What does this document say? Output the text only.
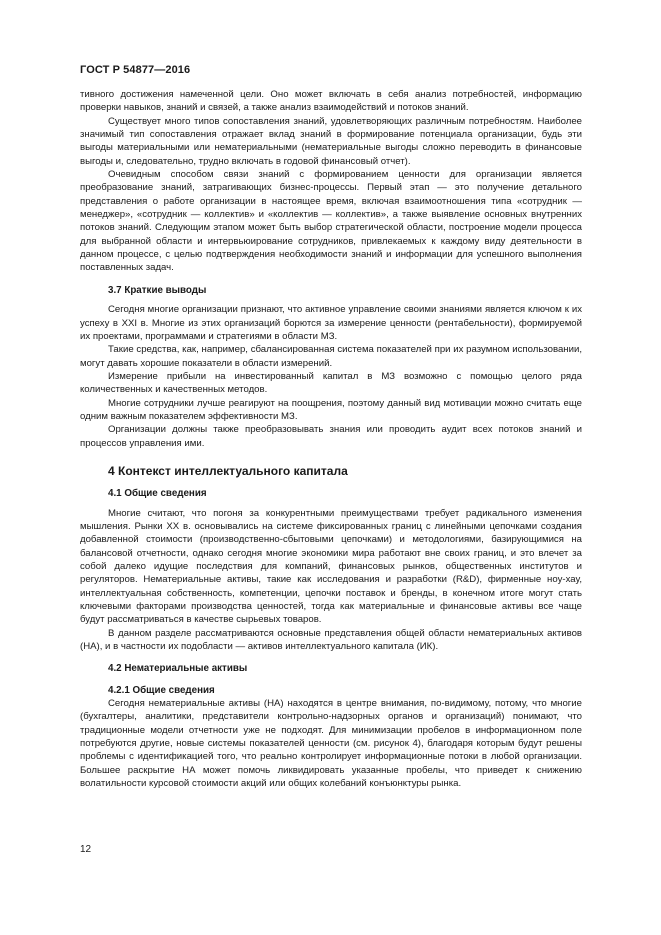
ГОСТ Р 54877—2016

тивного достижения намеченной цели. Оно может включать в себя анализ потребностей, информацию проверки навыков, знаний и связей, а также анализ взаимодействий и потоков знаний.

Существует много типов сопоставления знаний, удовлетворяющих различным потребностям. Наиболее значимый тип сопоставления отражает вклад знаний в формирование потенциала организации, будь эти выгоды материальными или нематериальными (нематериальные выгоды сложно переводить в финансовые выгоды и, следовательно, трудно включать в годовой финансовый отчет).

Очевидным способом связи знаний с формированием ценности для организации является преобразование знаний, затрагивающих бизнес-процессы. Первый этап — это получение детального представления о работе организации в настоящее время, включая взаимоотношения типа «сотрудник — менеджер», «сотрудник — коллектив» и «коллектив — коллектив», а также выявление основных внутренних потоков знаний. Следующим этапом может быть выбор стратегической области, построение модели процесса для выбранной области и интервьюирование сотрудников, привлекаемых к каждому виду деятельности в данном процессе, с целью подтверждения необходимости знаний и информации для успешного выполнения поставленных задач.

3.7 Краткие выводы

Сегодня многие организации признают, что активное управление своими знаниями является ключом к их успеху в XXI в. Многие из этих организаций борются за измерение ценности (рентабельности), формируемой их проектами, программами и стратегиями в области МЗ.

Такие средства, как, например, сбалансированная система показателей при их разумном использовании, могут давать хорошие показатели в области измерений.

Измерение прибыли на инвестированный капитал в МЗ возможно с помощью целого ряда количественных и качественных методов.

Многие сотрудники лучше реагируют на поощрения, поэтому данный вид мотивации можно считать еще одним важным показателем эффективности МЗ.

Организации должны также преобразовывать знания или проводить аудит всех потоков знаний и процессов управления ими.

4 Контекст интеллектуального капитала
4.1 Общие сведения

Многие считают, что погоня за конкурентными преимуществами требует радикального изменения мышления. Рынки XX в. основывались на системе фиксированных границ с линейными цепочками создания добавленной стоимости (производственно-сбытовыми цепочками) и методологиями, базирующимися на балансовой отчетности, однако сегодня многие экономики мира работают вне своих границ, и это влечет за собой далеко идущие последствия для компаний, финансовых рынков, общественных институтов и регуляторов. Нематериальные активы, такие как исследования и разработки (R&D), фирменные ноу-хау, интеллектуальная собственность, компетенции, цепочки поставок и бренды, в конечном итоге могут стать ключевыми факторами производства ценностей, тогда как материальные и финансовые активы все чаще будут рассматриваться в качестве сырьевых товаров.

В данном разделе рассматриваются основные представления общей области нематериальных активов (НА), и в частности их подобласти — активов интеллектуального капитала (ИК).

4.2 Нематериальные активы
4.2.1 Общие сведения

Сегодня нематериальные активы (НА) находятся в центре внимания, по-видимому, потому, что многие (бухгалтеры, аналитики, представители контрольно-надзорных органов и организаций) понимают, что традиционные модели отчетности уже не подходят. Для минимизации пробелов в информационном поле потребуются другие, новые системы показателей ценности (см. рисунок 4), благодаря которым будут решены проблемы с идентификацией того, что реально контролирует информационные потоки в любой организации. Большее раскрытие НА может помочь ликвидировать указанные пробелы, что приведет к снижению волатильности курсовой стоимости акций или общих колебаний конъюнктуры рынка.

12
